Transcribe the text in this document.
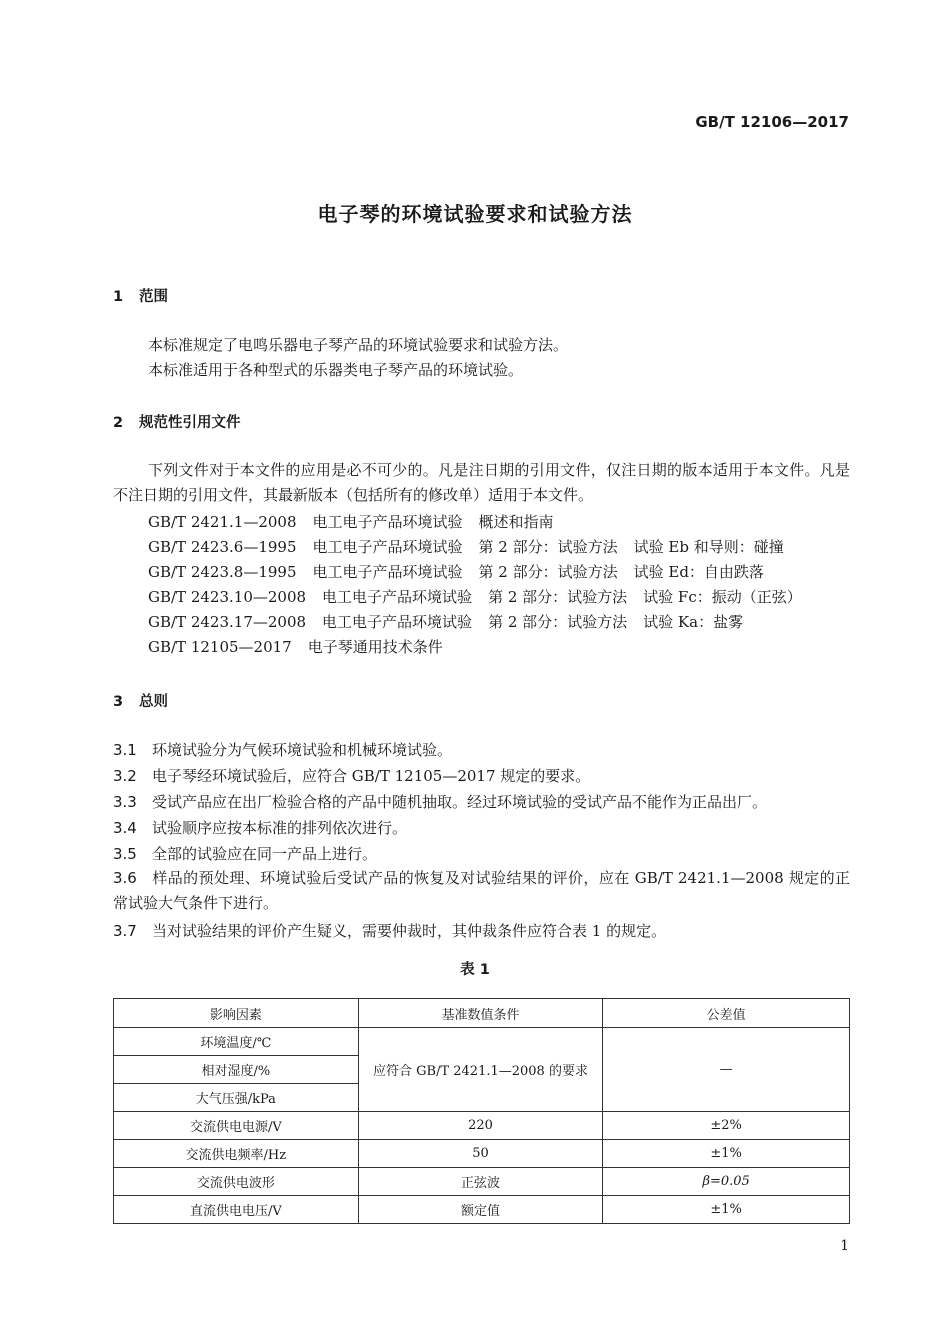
GB/T 12106—2017
电子琴的环境试验要求和试验方法
1 范围
本标准规定了电鸣乐器电子琴产品的环境试验要求和试验方法。
本标准适用于各种型式的乐器类电子琴产品的环境试验。
2 规范性引用文件
下列文件对于本文件的应用是必不可少的。凡是注日期的引用文件，仅注日期的版本适用于本文件。凡是不注日期的引用文件，其最新版本（包括所有的修改单）适用于本文件。
GB/T 2421.1—2008 电工电子产品环境试验 概述和指南
GB/T 2423.6—1995 电工电子产品环境试验 第 2 部分：试验方法 试验 Eb 和导则：碰撞
GB/T 2423.8—1995 电工电子产品环境试验 第 2 部分：试验方法 试验 Ed：自由跌落
GB/T 2423.10—2008 电工电子产品环境试验 第 2 部分：试验方法 试验 Fc：振动（正弦）
GB/T 2423.17—2008 电工电子产品环境试验 第 2 部分：试验方法 试验 Ka：盐雾
GB/T 12105—2017 电子琴通用技术条件
3 总则
3.1 环境试验分为气候环境试验和机械环境试验。
3.2 电子琴经环境试验后，应符合 GB/T 12105—2017 规定的要求。
3.3 受试产品应在出厂检验合格的产品中随机抽取。经过环境试验的受试产品不能作为正品出厂。
3.4 试验顺序应按本标准的排列依次进行。
3.5 全部的试验应在同一产品上进行。
3.6 样品的预处理、环境试验后受试产品的恢复及对试验结果的评价，应在 GB/T 2421.1—2008 规定的正常试验大气条件下进行。
3.7 当对试验结果的评价产生疑义，需要仲裁时，其仲裁条件应符合表 1 的规定。
表 1
影响因素	基准数值条件	公差值
环境温度/℃	应符合 GB/T 2421.1—2008 的要求	—
相对湿度/%		
大气压强/kPa		
交流供电电源/V	220	±2%
交流供电频率/Hz	50	±1%
交流供电波形	正弦波	β=0.05
直流供电电压/V	额定值	±1%
1
